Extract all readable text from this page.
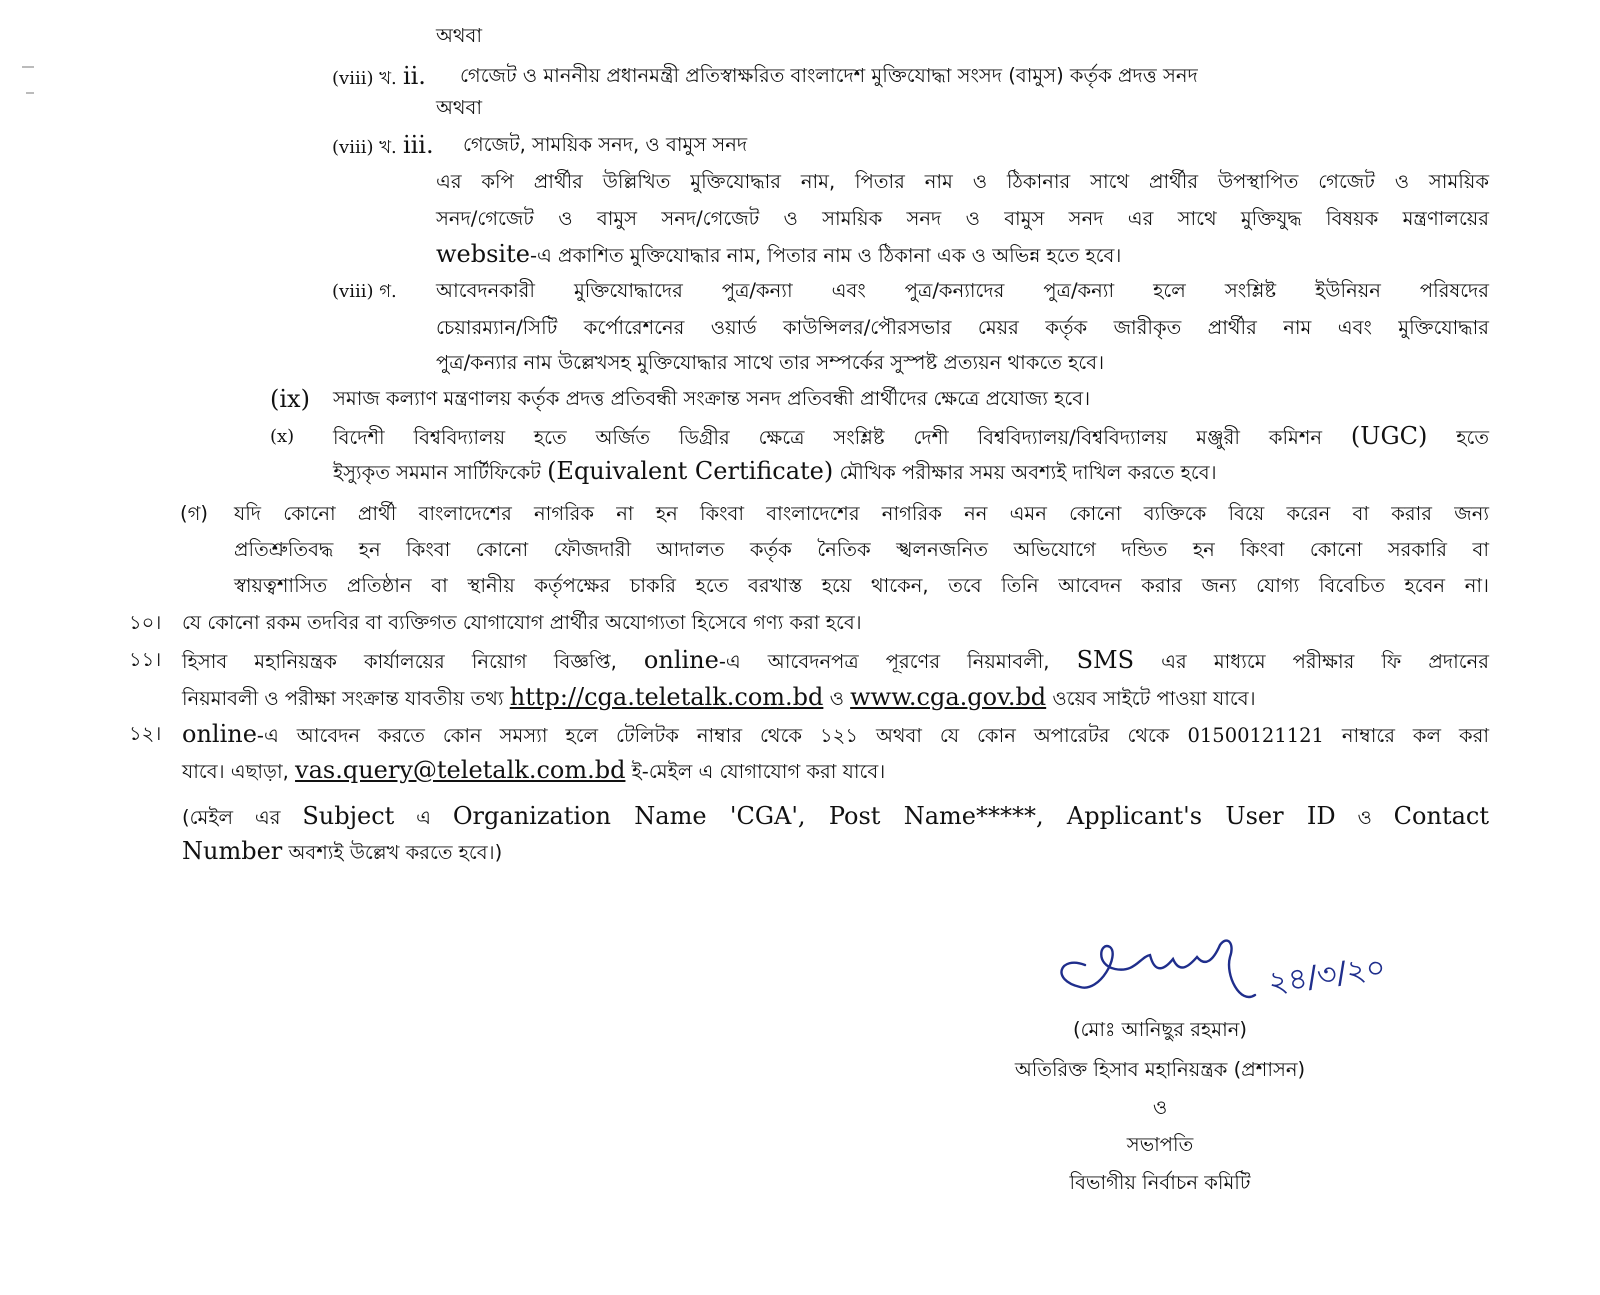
অথবা
(viii) খ. ii. গেজেট ও মাননীয় প্রধানমন্ত্রী প্রতিস্বাক্ষরিত বাংলাদেশ মুক্তিযোদ্ধা সংসদ (বামুস) কর্তৃক প্রদত্ত সনদ
অথবা
(viii) খ. iii. গেজেট, সাময়িক সনদ, ও বামুস সনদ
এর কপি প্রার্থীর উল্লিখিত মুক্তিযোদ্ধার নাম, পিতার নাম ও ঠিকানার সাথে প্রার্থীর উপস্থাপিত গেজেট ও সাময়িক
সনদ/গেজেট ও বামুস সনদ/গেজেট ও সাময়িক সনদ ও বামুস সনদ এর সাথে মুক্তিযুদ্ধ বিষয়ক মন্ত্রণালয়ের
website-এ প্রকাশিত মুক্তিযোদ্ধার নাম, পিতার নাম ও ঠিকানা এক ও অভিন্ন হতে হবে।
(viii) গ. আবেদনকারী মুক্তিযোদ্ধাদের পুত্র/কন্যা এবং পুত্র/কন্যাদের পুত্র/কন্যা হলে সংশ্লিষ্ট ইউনিয়ন পরিষদের
চেয়ারম্যান/সিটি কর্পোরেশনের ওয়ার্ড কাউন্সিলর/পৌরসভার মেয়র কর্তৃক জারীকৃত প্রার্থীর নাম এবং মুক্তিযোদ্ধার
পুত্র/কন্যার নাম উল্লেখসহ মুক্তিযোদ্ধার সাথে তার সম্পর্কের সুস্পষ্ট প্রত্যয়ন থাকতে হবে।
(ix) সমাজ কল্যাণ মন্ত্রণালয় কর্তৃক প্রদত্ত প্রতিবন্ধী সংক্রান্ত সনদ প্রতিবন্ধী প্রার্থীদের ক্ষেত্রে প্রযোজ্য হবে।
(x) বিদেশী বিশ্ববিদ্যালয় হতে অর্জিত ডিগ্রীর ক্ষেত্রে সংশ্লিষ্ট দেশী বিশ্ববিদ্যালয়/বিশ্ববিদ্যালয় মঞ্জুরী কমিশন (UGC) হতে
ইস্যুকৃত সমমান সার্টিফিকেট (Equivalent Certificate) মৌখিক পরীক্ষার সময় অবশ্যই দাখিল করতে হবে।
(গ) যদি কোনো প্রার্থী বাংলাদেশের নাগরিক না হন কিংবা বাংলাদেশের নাগরিক নন এমন কোনো ব্যক্তিকে বিয়ে করেন বা করার জন্য
প্রতিশ্রুতিবদ্ধ হন কিংবা কোনো ফৌজদারী আদালত কর্তৃক নৈতিক স্খলনজনিত অভিযোগে দন্ডিত হন কিংবা কোনো সরকারি বা
স্বায়ত্বশাসিত প্রতিষ্ঠান বা স্থানীয় কর্তৃপক্ষের চাকরি হতে বরখাস্ত হয়ে থাকেন, তবে তিনি আবেদন করার জন্য যোগ্য বিবেচিত হবেন না।
১০। যে কোনো রকম তদবির বা ব্যক্তিগত যোগাযোগ প্রার্থীর অযোগ্যতা হিসেবে গণ্য করা হবে।
১১। হিসাব মহানিয়ন্ত্রক কার্যালয়ের নিয়োগ বিজ্ঞপ্তি, online-এ আবেদনপত্র পূরণের নিয়মাবলী, SMS এর মাধ্যমে পরীক্ষার ফি প্রদানের
নিয়মাবলী ও পরীক্ষা সংক্রান্ত যাবতীয় তথ্য http://cga.teletalk.com.bd ও www.cga.gov.bd ওয়েব সাইটে পাওয়া যাবে।
১২। online-এ আবেদন করতে কোন সমস্যা হলে টেলিটক নাম্বার থেকে ১২১ অথবা যে কোন অপারেটর থেকে 01500121121 নাম্বারে কল করা
যাবে। এছাড়া, vas.query@teletalk.com.bd ই-মেইল এ যোগাযোগ করা যাবে।
(মেইল এর Subject এ Organization Name 'CGA', Post Name*****, Applicant's User ID ও Contact
Number অবশ্যই উল্লেখ করতে হবে।)
২৪/৩/২০
(মোঃ আনিছুর রহমান)
অতিরিক্ত হিসাব মহানিয়ন্ত্রক (প্রশাসন)
ও
সভাপতি
বিভাগীয় নির্বাচন কমিটি
